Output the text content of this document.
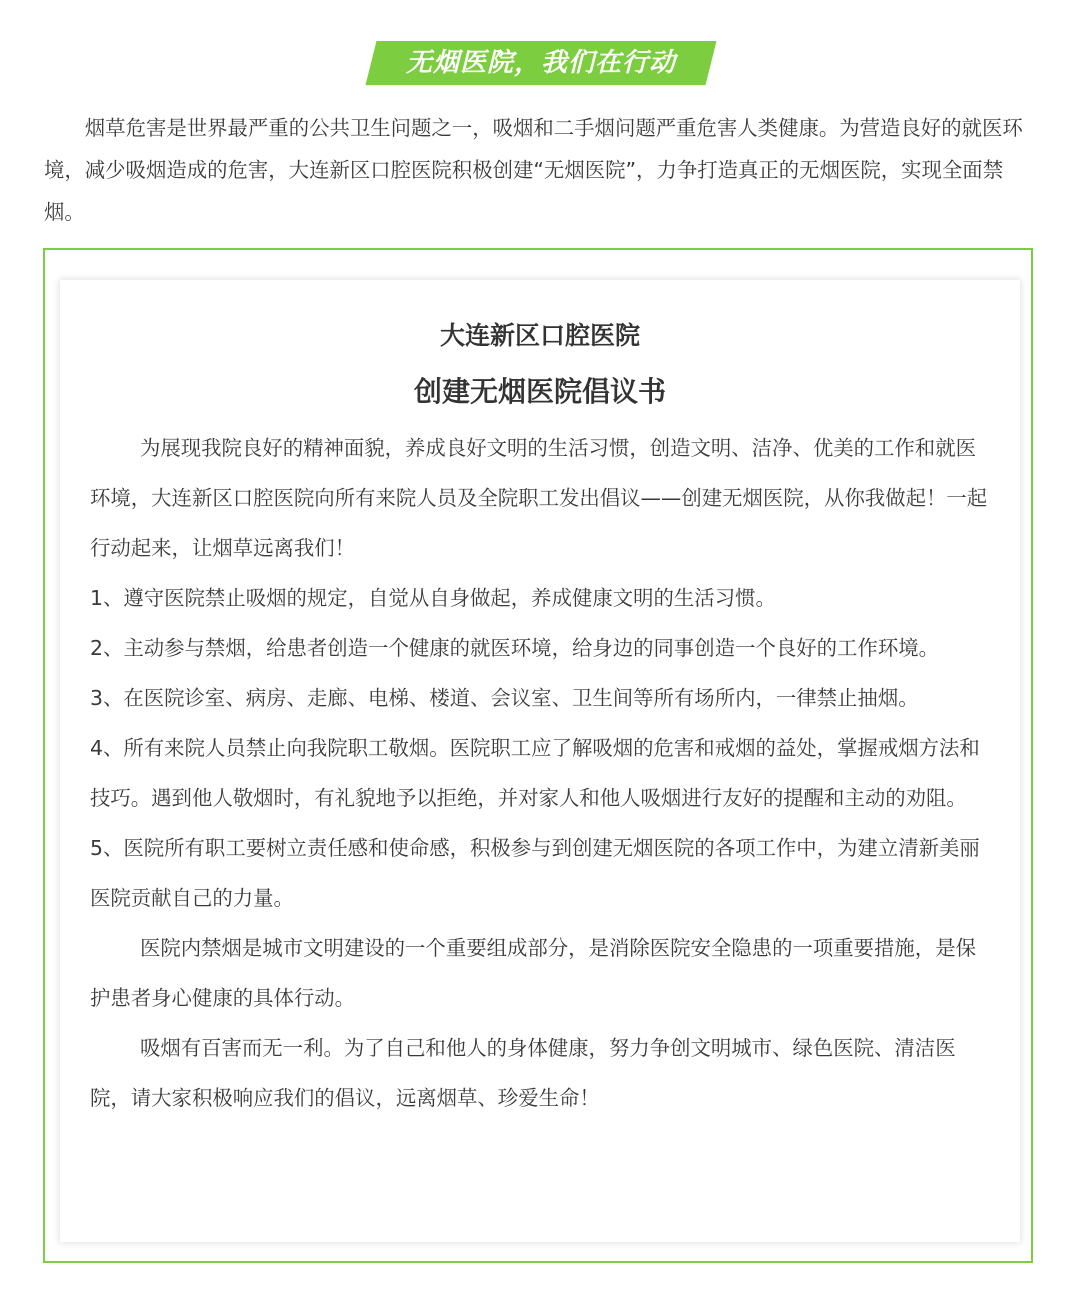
无烟医院，我们在行动

烟草危害是世界最严重的公共卫生问题之一，吸烟和二手烟问题严重危害人类健康。为营造良好的就医环境，减少吸烟造成的危害，大连新区口腔医院积极创建“无烟医院”，力争打造真正的无烟医院，实现全面禁烟。

大连新区口腔医院
创建无烟医院倡议书

为展现我院良好的精神面貌，养成良好文明的生活习惯，创造文明、洁净、优美的工作和就医环境，大连新区口腔医院向所有来院人员及全院职工发出倡议——创建无烟医院，从你我做起！一起行动起来，让烟草远离我们！

1、遵守医院禁止吸烟的规定，自觉从自身做起，养成健康文明的生活习惯。

2、主动参与禁烟，给患者创造一个健康的就医环境，给身边的同事创造一个良好的工作环境。

3、在医院诊室、病房、走廊、电梯、楼道、会议室、卫生间等所有场所内，一律禁止抽烟。

4、所有来院人员禁止向我院职工敬烟。医院职工应了解吸烟的危害和戒烟的益处，掌握戒烟方法和技巧。遇到他人敬烟时，有礼貌地予以拒绝，并对家人和他人吸烟进行友好的提醒和主动的劝阻。

5、医院所有职工要树立责任感和使命感，积极参与到创建无烟医院的各项工作中，为建立清新美丽医院贡献自己的力量。

医院内禁烟是城市文明建设的一个重要组成部分，是消除医院安全隐患的一项重要措施，是保护患者身心健康的具体行动。

吸烟有百害而无一利。为了自己和他人的身体健康，努力争创文明城市、绿色医院、清洁医院，请大家积极响应我们的倡议，远离烟草、珍爱生命！
